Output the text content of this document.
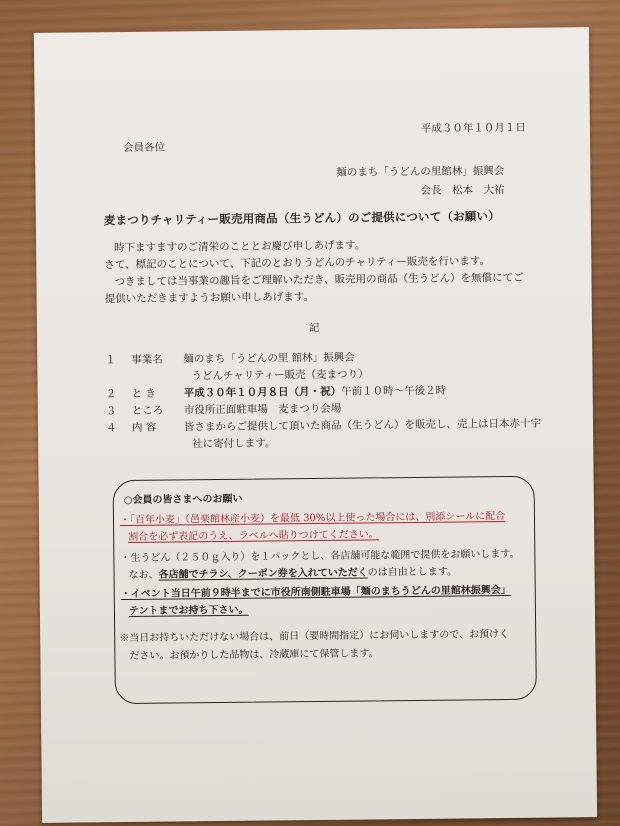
平成３０年１０月１日
会員各位
麺のまち「うどんの里館林」振興会
会長　松本　大祐
麦まつりチャリティー販売用商品（生うどん）のご提供について（お願い）
時下ますますのご清栄のこととお慶び申しあげます。
さて、標記のことについて、下記のとおりうどんのチャリティー販売を行います。
つきましては当事業の趣旨をご理解いただき、販売用の商品（生うどん）を無償にてご
提供いただきますようお願い申しあげます。
記
１ 事業名 麺のまち「うどんの里 館林」振興会
うどんチャリティー販売（麦まつり）
２ と き	平成３０年１０月８日（月・祝）午前１０時～午後２時
３ ところ 市役所正面駐車場　麦まつり会場
４ 内 容	皆さまからご提供して頂いた商品（生うどん）を販売し、売上は日本赤十字
社に寄付します。
○会員の皆さまへのお願い
・「百年小麦」（邑楽館林産小麦）を最低 30%以上使った場合には、別添シールに配合
割合を必ず表記のうえ、ラベルへ貼りつけてください。
・生うどん（２５０ｇ入り）を１パックとし、各店舗可能な範囲で提供をお願いします。
なお、各店舗でチラシ、クーポン券を入れていただくのは自由とします。
・イベント当日午前９時半までに市役所南側駐車場「麺のまちうどんの里館林振興会」
テントまでお持ち下さい。
※当日お持ちいただけない場合は、前日（要時間指定）にお伺いしますので、お預けく
ださい。お預かりした品物は、冷蔵庫にて保管します。
